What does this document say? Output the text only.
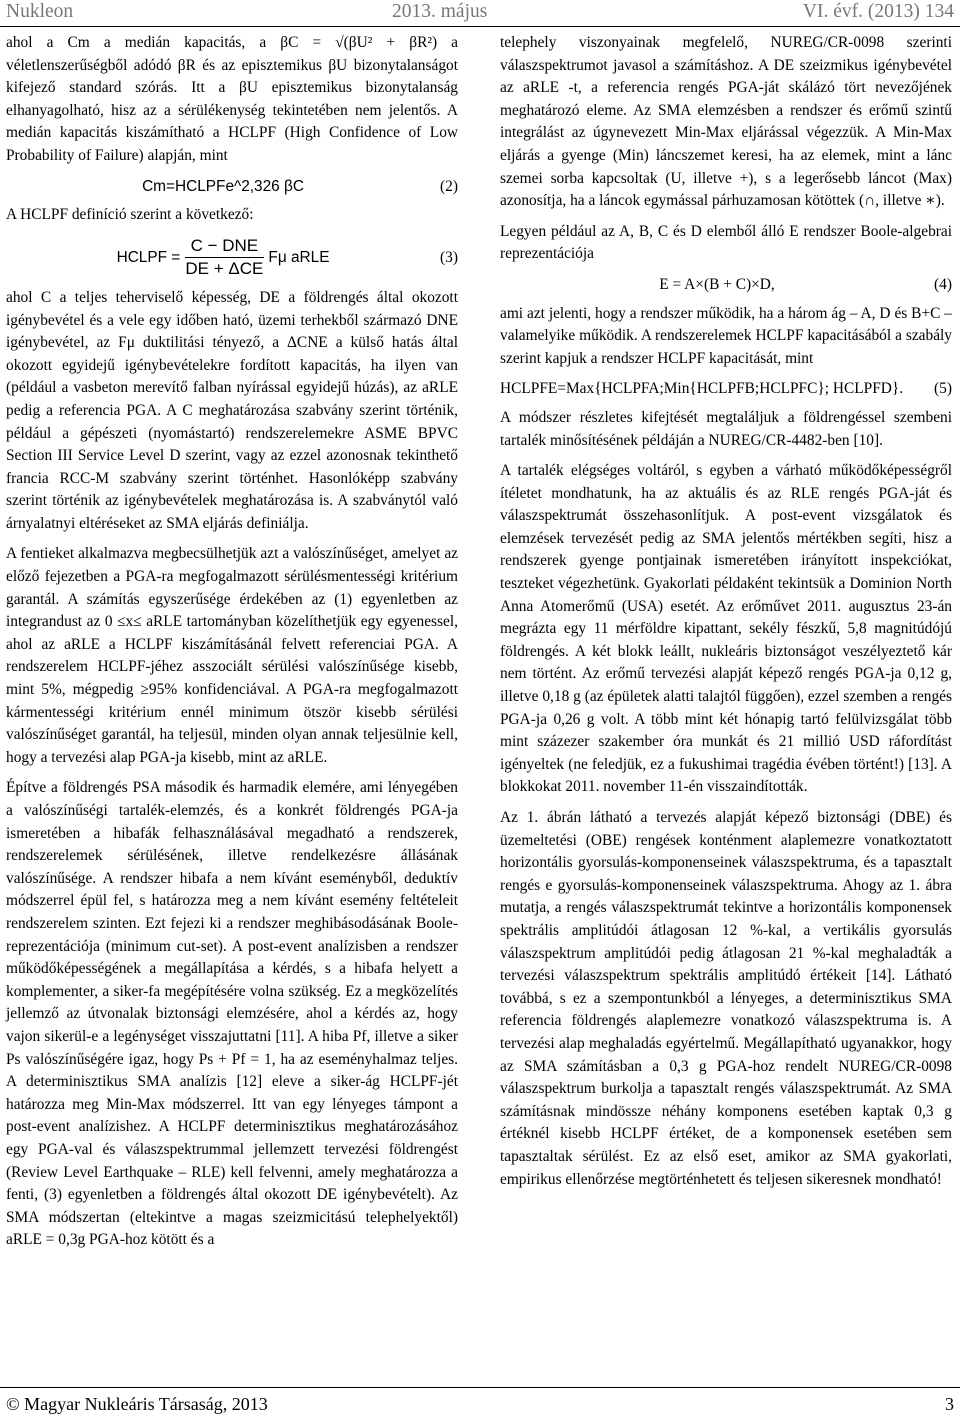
Nukleon	2013. május	VI. évf. (2013) 134

ahol a Cm a medián kapacitás, a βC = √(βU² + βR²) a véletlenszerűségből adódó βR és az episztemikus βU bizonytalanságot kifejező standard szórás. Itt a βU episztemikus bizonytalanság elhanyagolható, hisz az a sérülékenység tekintetében nem jelentős. A medián kapacitás kiszámítható a HCLPF (High Confidence of Low Probability of Failure) alapján, mint

Cm=HCLPFe^2,326 βC	(2)

A HCLPF definíció szerint a következő:

HCLPF = $\frac{\text{C − DNE}}{\text{DE + ΔCE}}$ Fμ aRLE	(3)

ahol C a teljes teherviselő képesség, DE a földrengés által okozott igénybevétel és a vele egy időben ható, üzemi terhekből származó DNE igénybevétel, az Fμ duktilitási tényező, a ΔCNE a külső hatás által okozott egyidejű igénybevételekre fordított kapacitás, ha ilyen van (például a vasbeton merevítő falban nyírással egyidejű húzás), az aRLE pedig a referencia PGA. A C meghatározása szabvány szerint történik, például a gépészeti (nyomástartó) rendszerelemekre ASME BPVC Section III Service Level D szerint, vagy az ezzel azonosnak tekinthető francia RCC-M szabvány szerint történhet. Hasonlóképp szabvány szerint történik az igénybevételek meghatározása is. A szabványtól való árnyalatnyi eltéréseket az SMA eljárás definiálja.

A fentieket alkalmazva megbecsülhetjük azt a valószínűséget, amelyet az előző fejezetben a PGA-ra megfogalmazott sérülésmentességi kritérium garantál. A számítás egyszerűsége érdekében az (1) egyenletben az integrandust az 0 ≤x≤ aRLE tartományban közelíthetjük egy egyenessel, ahol az aRLE a HCLPF kiszámításánál felvett referenciai PGA. A rendszerelem HCLPF-jéhez asszociált sérülési valószínűsége kisebb, mint 5%, mégpedig ≥95% konfidenciával. A PGA-ra megfogalmazott kármentességi kritérium ennél minimum ötször kisebb sérülési valószínűséget garantál, ha teljesül, minden olyan annak teljesülnie kell, hogy a tervezési alap PGA-ja kisebb, mint az aRLE.

Építve a földrengés PSA második és harmadik elemére, ami lényegében a valószínűségi tartalék-elemzés, és a konkrét földrengés PGA-ja ismeretében a hibafák felhasználásával megadható a rendszerek, rendszerelemek sérülésének, illetve rendelkezésre állásának valószínűsége. A rendszer hibafa a nem kívánt eseményből, deduktív módszerrel épül fel, s határozza meg a nem kívánt esemény feltételeit rendszerelem szinten. Ezt fejezi ki a rendszer meghibásodásának Boole-reprezentációja (minimum cut-set). A post-event analízisben a rendszer működőképességének a megállapítása a kérdés, s a hibafa helyett a komplementer, a siker-fa megépítésére volna szükség. Ez a megközelítés jellemző az útvonalak biztonsági elemzésére, ahol a kérdés az, hogy vajon sikerül-e a legénységet visszajuttatni [11]. A hiba Pf, illetve a siker Ps valószínűségére igaz, hogy Ps + Pf = 1, ha az eseményhalmaz teljes. A determinisztikus SMA analízis [12] eleve a siker-ág HCLPF-jét határozza meg Min-Max módszerrel. Itt van egy lényeges támpont a post-event analízishez. A HCLPF determinisztikus meghatározásához egy PGA-val és válaszspektrummal jellemzett tervezési földrengést (Review Level Earthquake – RLE) kell felvenni, amely meghatározza a fenti, (3) egyenletben a földrengés által okozott DE igénybevételt). Az SMA módszertan (eltekintve a magas szeizmicitású telephelyektől) aRLE = 0,3g PGA-hoz kötött és a

telephely viszonyainak megfelelő, NUREG/CR-0098 szerinti válaszspektrumot javasol a számításhoz. A DE szeizmikus igénybevétel az aRLE -t, a referencia rengés PGA-ját skálázó tört nevezőjének meghatározó eleme. Az SMA elemzésben a rendszer és erőmű szintű integrálást az úgynevezett Min-Max eljárással végezzük. A Min-Max eljárás a gyenge (Min) láncszemet keresi, ha az elemek, mint a lánc szemei sorba kapcsoltak (U, illetve +), s a legerősebb láncot (Max) azonosítja, ha a láncok egymással párhuzamosan kötöttek (∩, illetve ∗).

Legyen például az A, B, C és D elemből álló E rendszer Boole-algebrai reprezentációja

E = A×(B + C)×D,	(4)

ami azt jelenti, hogy a rendszer működik, ha a három ág – A, D és B+C – valamelyike működik. A rendszerelemek HCLPF kapacitásából a szabály szerint kapjuk a rendszer HCLPF kapacitását, mint

HCLPFE=Max{HCLPFA;Min{HCLPFB;HCLPFC}; HCLPFD}. (5)

A módszer részletes kifejtését megtaláljuk a földrengéssel szembeni tartalék minősítésének példáján a NUREG/CR-4482-ben [10].

A tartalék elégséges voltáról, s egyben a várható működőképességről ítéletet mondhatunk, ha az aktuális és az RLE rengés PGA-ját és válaszspektrumát összehasonlítjuk. A post-event vizsgálatok és elemzések tervezését pedig az SMA jelentős mértékben segíti, hisz a rendszerek gyenge pontjainak ismeretében irányított inspekciókat, teszteket végezhetünk. Gyakorlati példaként tekintsük a Dominion North Anna Atomerőmű (USA) esetét. Az erőművet 2011. augusztus 23-án megrázta egy 11 mérföldre kipattant, sekély fészkű, 5,8 magnitúdójú földrengés. A két blokk leállt, nukleáris biztonságot veszélyeztető kár nem történt. Az erőmű tervezési alapját képező rengés PGA-ja 0,12 g, illetve 0,18 g (az épületek alatti talajtól függően), ezzel szemben a rengés PGA-ja 0,26 g volt. A több mint két hónapig tartó felülvizsgálat több mint százezer szakember óra munkát és 21 millió USD ráfordítást igényeltek (ne feledjük, ez a fukushimai tragédia évében történt!) [13]. A blokkokat 2011. november 11-én visszaindították.

Az 1. ábrán látható a tervezés alapját képező biztonsági (DBE) és üzemeltetési (OBE) rengések konténment alaplemezre vonatkoztatott horizontális gyorsulás-komponenseinek válaszspektruma, és a tapasztalt rengés e gyorsulás-komponenseinek válaszspektruma. Ahogy az 1. ábra mutatja, a rengés válaszspektrumát tekintve a horizontális komponensek spektrális amplitúdói átlagosan 12 %-kal, a vertikális gyorsulás válaszspektrum amplitúdói pedig átlagosan 21 %-kal meghaladták a tervezési válaszspektrum spektrális amplitúdó értékeit [14]. Látható továbbá, s ez a szempontunkból a lényeges, a determinisztikus SMA referencia földrengés alaplemezre vonatkozó válaszspektruma is. A tervezési alap meghaladás egyértelmű. Megállapítható ugyanakkor, hogy az SMA számításban a 0,3 g PGA-hoz rendelt NUREG/CR-0098 válaszspektrum burkolja a tapasztalt rengés válaszspektrumát. Az SMA számításnak mindössze néhány komponens esetében kaptak 0,3 g értéknél kisebb HCLPF értéket, de a komponensek esetében sem tapasztaltak sérülést. Ez az első eset, amikor az SMA gyakorlati, empirikus ellenőrzése megtörténhetett és teljesen sikeresnek mondható!

© Magyar Nukleáris Társaság, 2013	3
